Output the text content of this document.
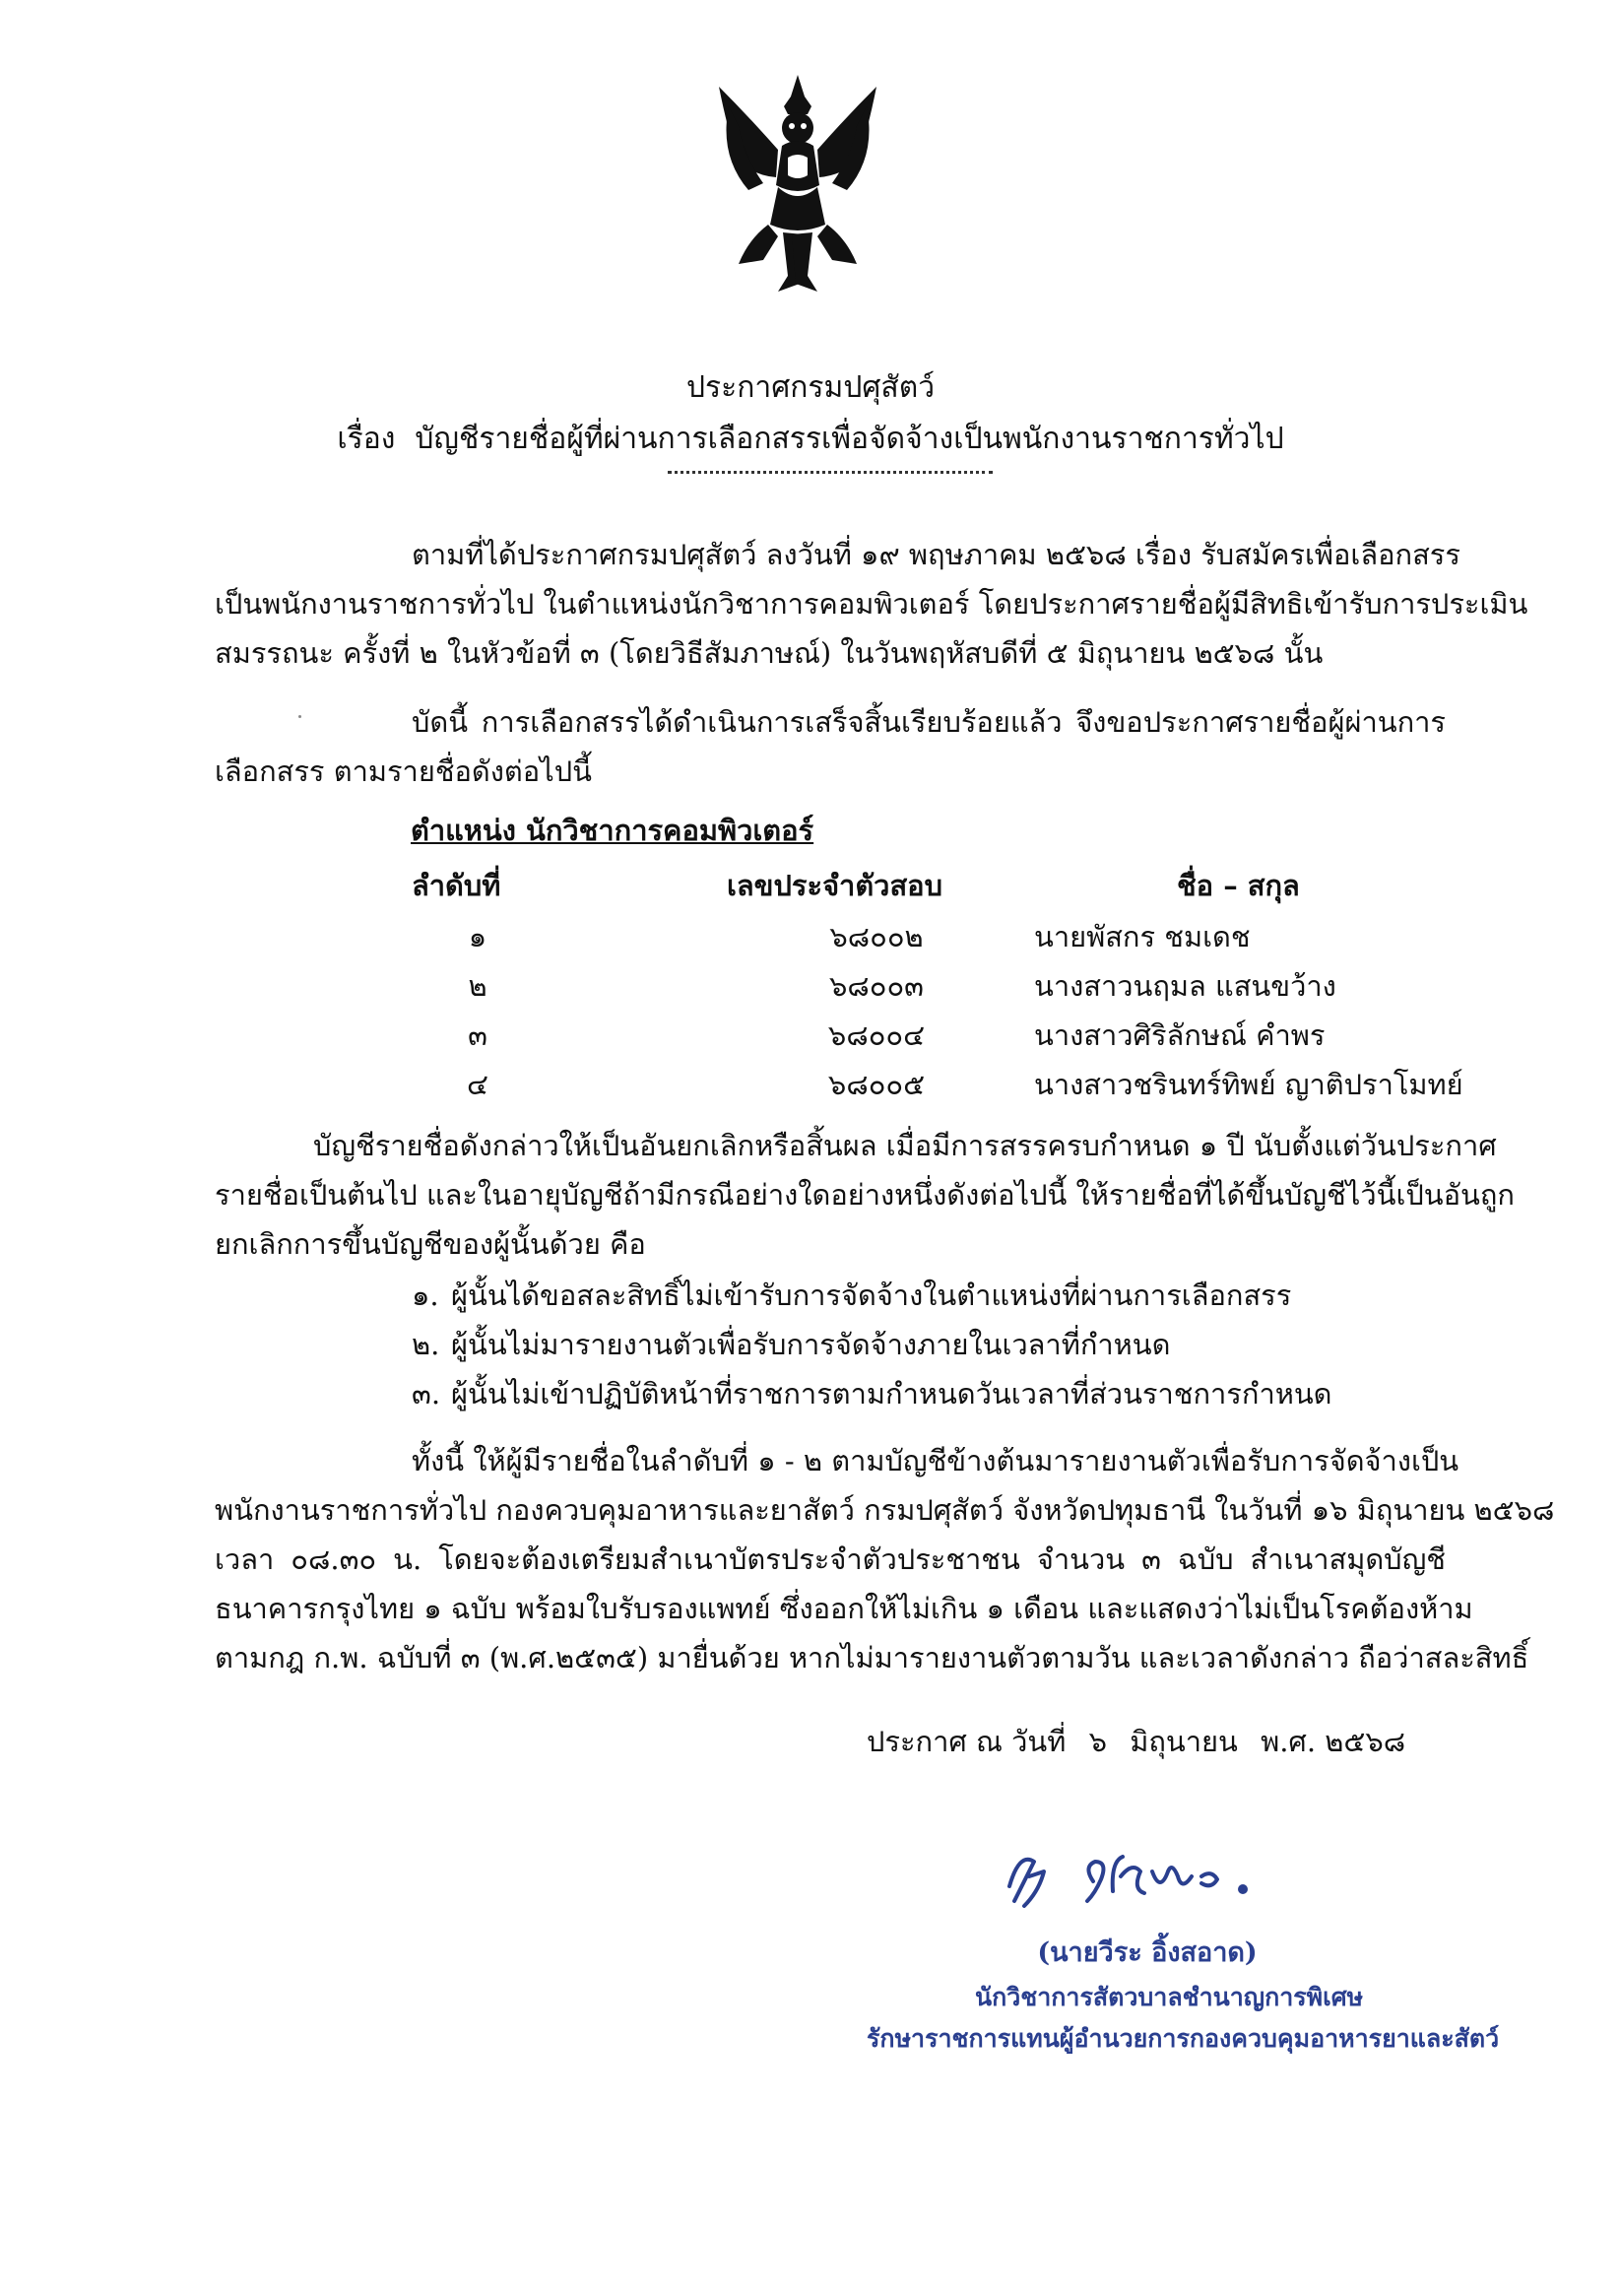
ประกาศกรมปศุสัตว์
เรื่อง บัญชีรายชื่อผู้ที่ผ่านการเลือกสรรเพื่อจัดจ้างเป็นพนักงานราชการทั่วไป
ตามที่ได้ประกาศกรมปศุสัตว์ ลงวันที่ ๑๙ พฤษภาคม ๒๕๖๘ เรื่อง รับสมัครเพื่อเลือกสรร
เป็นพนักงานราชการทั่วไป ในตำแหน่งนักวิชาการคอมพิวเตอร์ โดยประกาศรายชื่อผู้มีสิทธิเข้ารับการประเมิน
สมรรถนะ ครั้งที่ ๒ ในหัวข้อที่ ๓ (โดยวิธีสัมภาษณ์) ในวันพฤหัสบดีที่ ๕ มิถุนายน ๒๕๖๘ นั้น
บัดนี้ การเลือกสรรได้ดำเนินการเสร็จสิ้นเรียบร้อยแล้ว จึงขอประกาศรายชื่อผู้ผ่านการ
เลือกสรร ตามรายชื่อดังต่อไปนี้
ตำแหน่ง นักวิชาการคอมพิวเตอร์
ลำดับที่	เลขประจำตัวสอบ	ชื่อ – สกุล
๑	๖๘๐๐๒	นายพัสกร ชมเดช
๒	๖๘๐๐๓	นางสาวนฤมล แสนขว้าง
๓	๖๘๐๐๔	นางสาวศิริลักษณ์ คำพร
๔	๖๘๐๐๕	นางสาวชรินทร์ทิพย์ ญาติปราโมทย์
บัญชีรายชื่อดังกล่าวให้เป็นอันยกเลิกหรือสิ้นผล เมื่อมีการสรรครบกำหนด ๑ ปี นับตั้งแต่วันประกาศ
รายชื่อเป็นต้นไป และในอายุบัญชีถ้ามีกรณีอย่างใดอย่างหนึ่งดังต่อไปนี้ ให้รายชื่อที่ได้ขึ้นบัญชีไว้นี้เป็นอันถูก
ยกเลิกการขึ้นบัญชีของผู้นั้นด้วย คือ
๑. ผู้นั้นได้ขอสละสิทธิ์ไม่เข้ารับการจัดจ้างในตำแหน่งที่ผ่านการเลือกสรร
๒. ผู้นั้นไม่มารายงานตัวเพื่อรับการจัดจ้างภายในเวลาที่กำหนด
๓. ผู้นั้นไม่เข้าปฏิบัติหน้าที่ราชการตามกำหนดวันเวลาที่ส่วนราชการกำหนด
ทั้งนี้ ให้ผู้มีรายชื่อในลำดับที่ ๑ - ๒ ตามบัญชีข้างต้นมารายงานตัวเพื่อรับการจัดจ้างเป็น
พนักงานราชการทั่วไป กองควบคุมอาหารและยาสัตว์ กรมปศุสัตว์ จังหวัดปทุมธานี ในวันที่ ๑๖ มิถุนายน ๒๕๖๘
เวลา ๐๘.๓๐ น. โดยจะต้องเตรียมสำเนาบัตรประจำตัวประชาชน จำนวน ๓ ฉบับ สำเนาสมุดบัญชี
ธนาคารกรุงไทย ๑ ฉบับ พร้อมใบรับรองแพทย์ ซึ่งออกให้ไม่เกิน ๑ เดือน และแสดงว่าไม่เป็นโรคต้องห้าม
ตามกฎ ก.พ. ฉบับที่ ๓ (พ.ศ.๒๕๓๕) มายื่นด้วย หากไม่มารายงานตัวตามวัน และเวลาดังกล่าว ถือว่าสละสิทธิ์
ประกาศ ณ วันที่ ๖ มิถุนายน พ.ศ. ๒๕๖๘
(นายวีระ อิ้งสอาด)
นักวิชาการสัตวบาลชำนาญการพิเศษ
รักษาราชการแทนผู้อำนวยการกองควบคุมอาหารยาและสัตว์
